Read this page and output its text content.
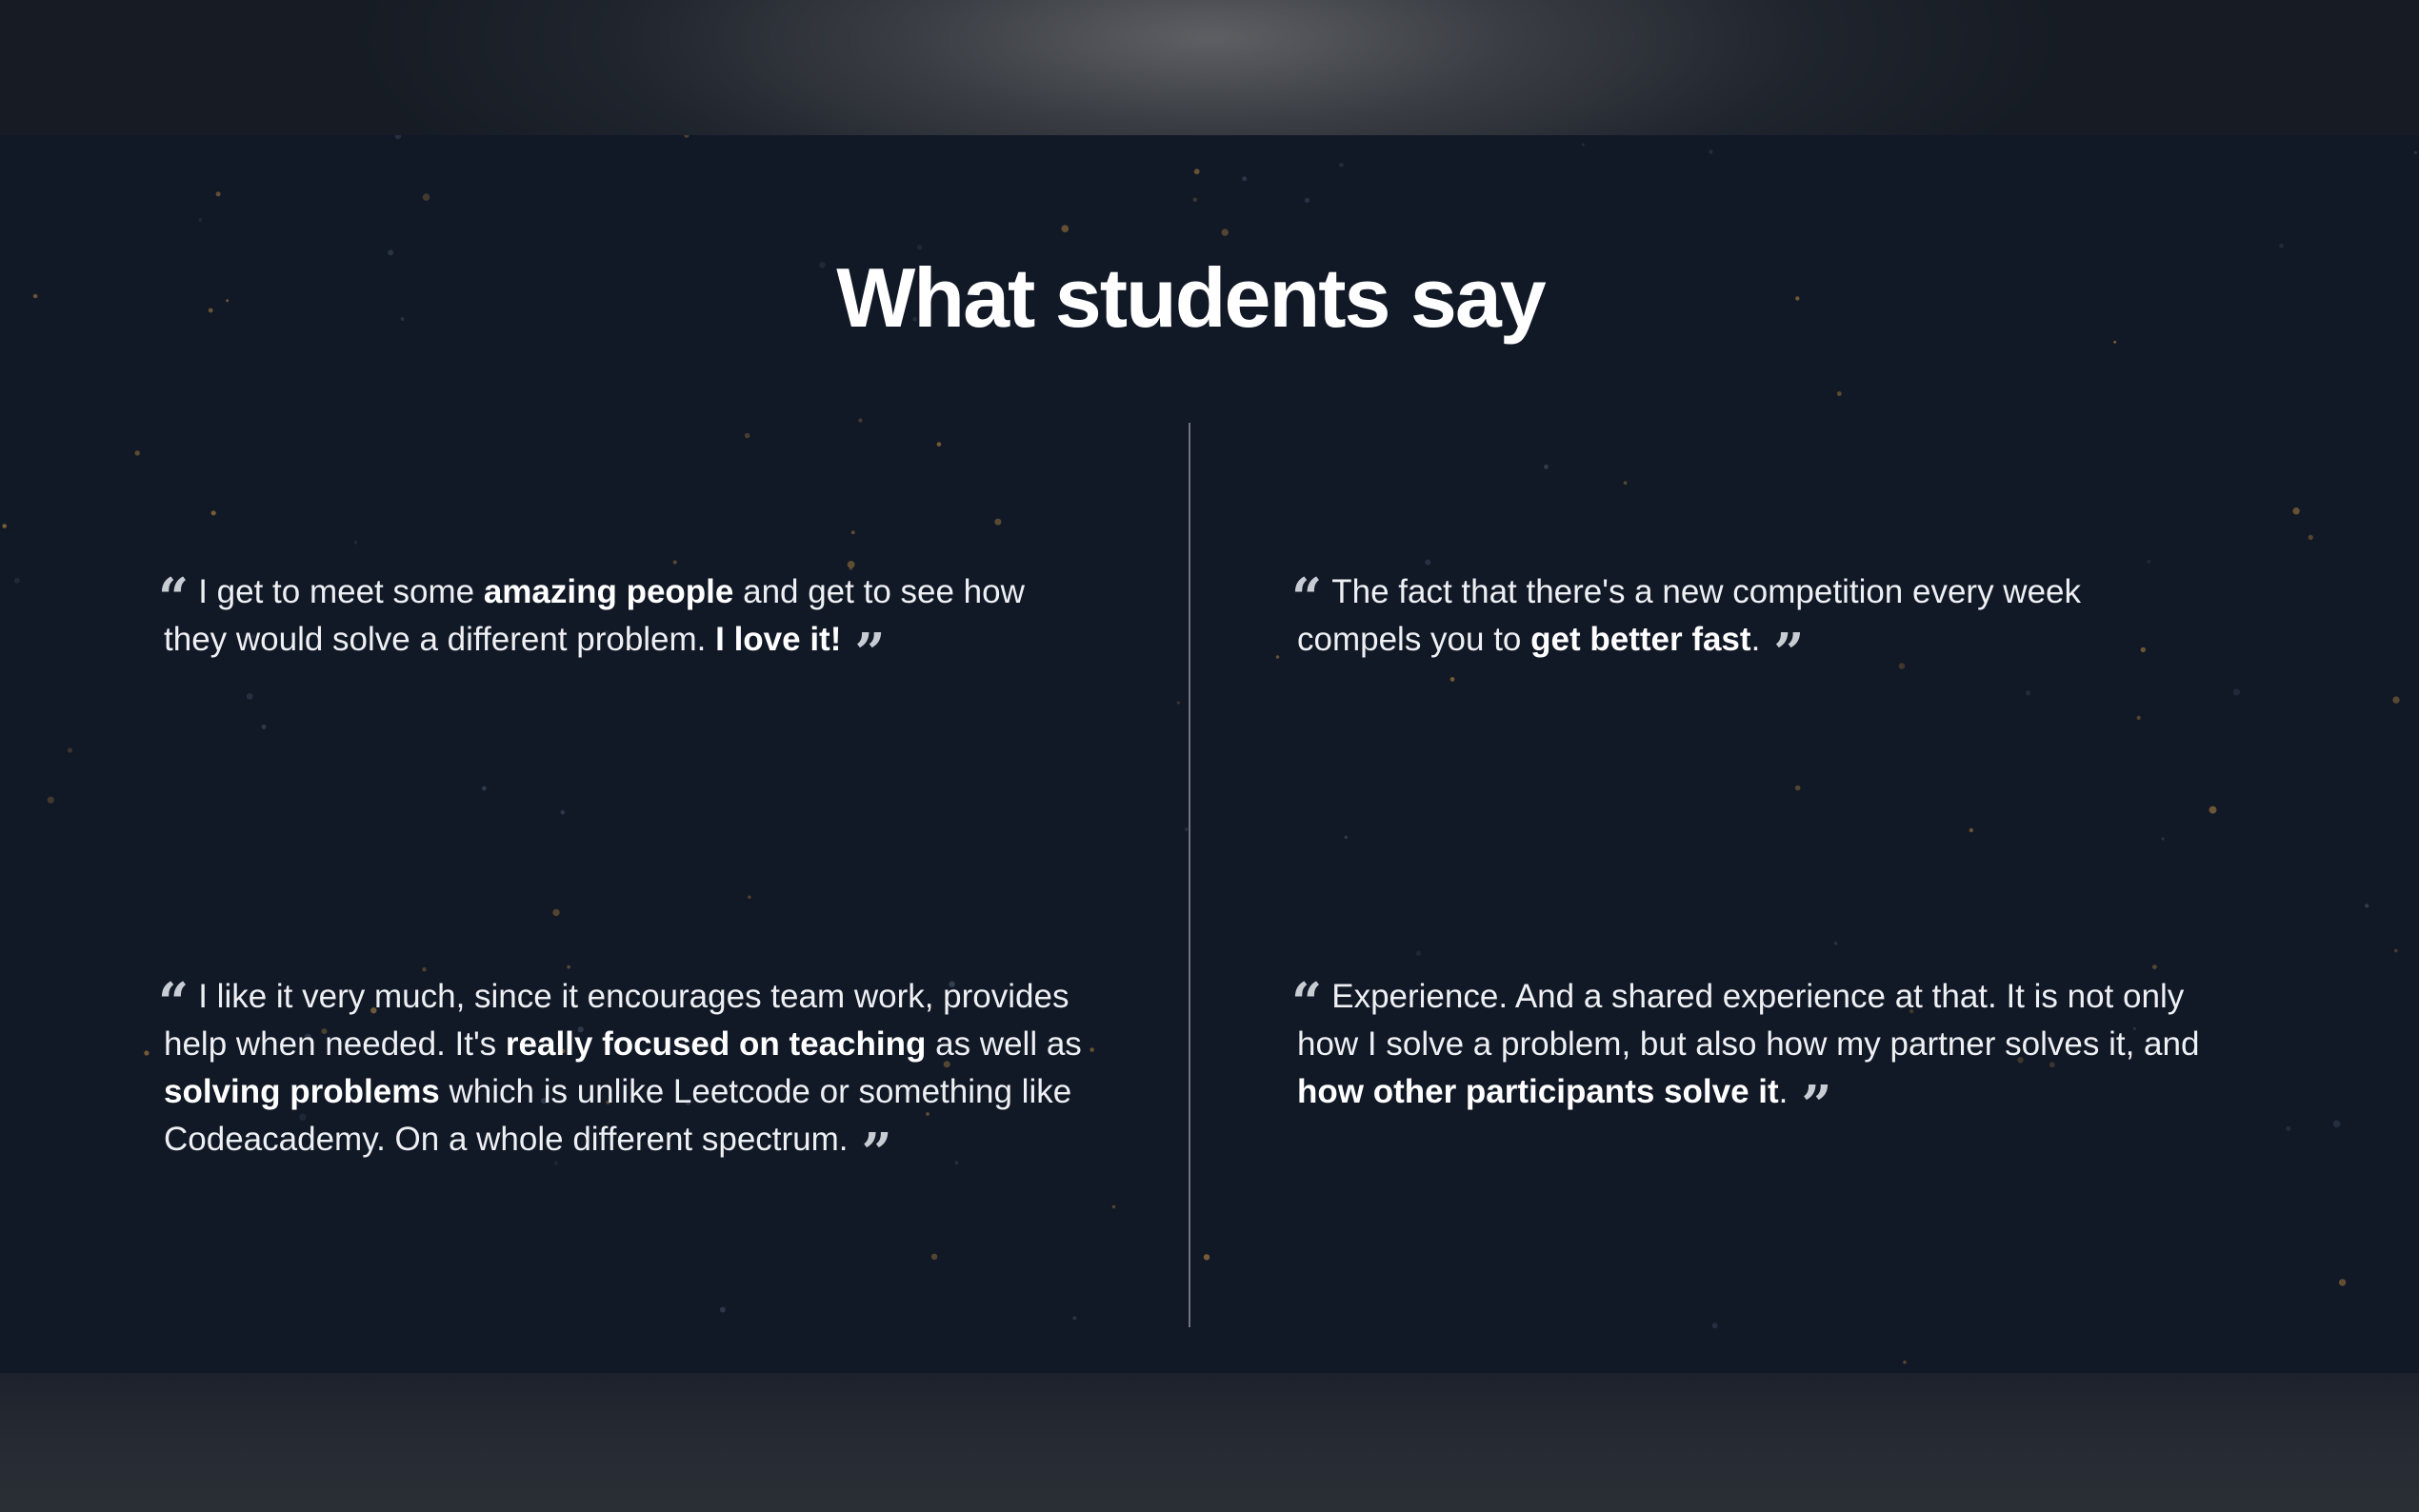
What students say

“ I get to meet some amazing people and get to see how they would solve a different problem. I love it! ”

“ The fact that there's a new competition every week compels you to get better fast. ”

“ I like it very much, since it encourages team work, provides help when needed. It's really focused on teaching as well as solving problems which is unlike Leetcode or something like Codeacademy. On a whole different spectrum. ”

“ Experience. And a shared experience at that. It is not only how I solve a problem, but also how my partner solves it, and how other participants solve it. ”
